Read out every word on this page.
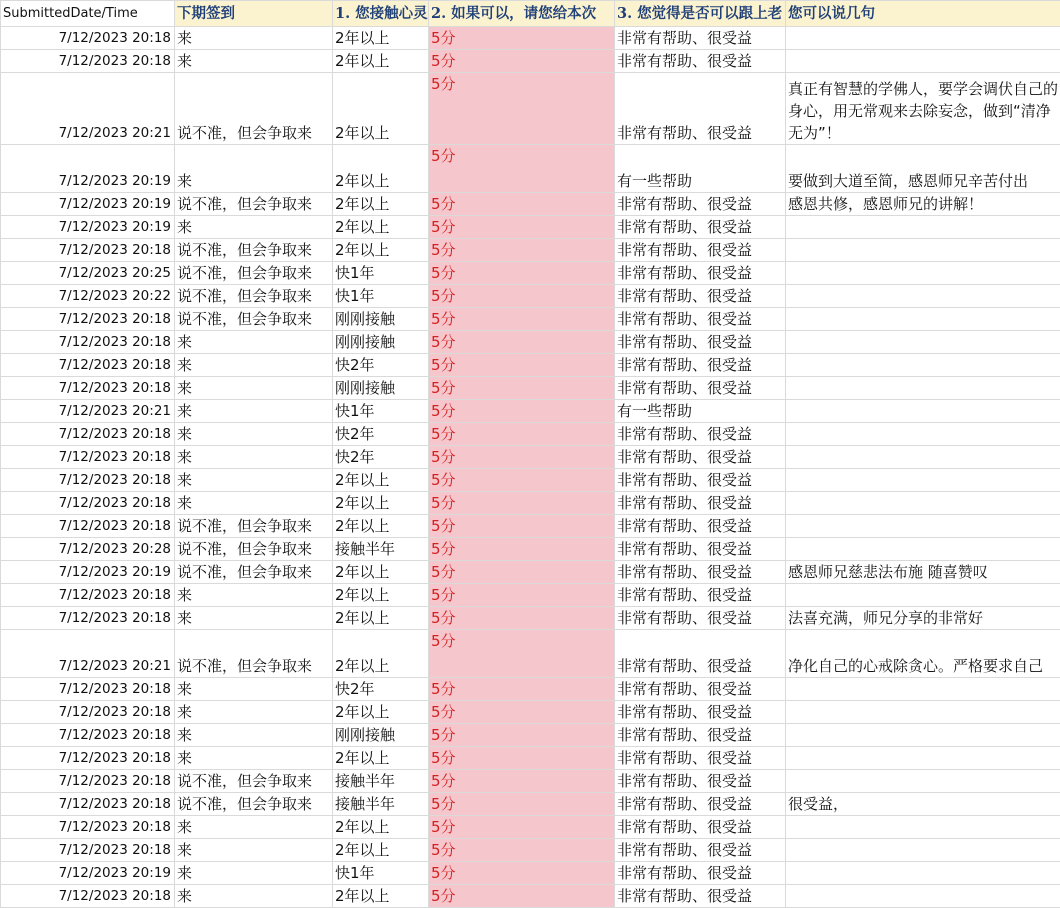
SubmittedDate/Time	下期签到	1. 您接触心灵	2. 如果可以，请您给本次	3. 您觉得是否可以跟上老	您可以说几句
7/12/2023 20:18	来	2年以上	5分	非常有帮助、很受益	
7/12/2023 20:18	来	2年以上	5分	非常有帮助、很受益	
7/12/2023 20:21	说不准，但会争取来	2年以上	5分	非常有帮助、很受益	真正有智慧的学佛人，要学会调伏自己的身心，用无常观来去除妄念，做到“清净无为”！
7/12/2023 20:19	来	2年以上	5分	有一些帮助	要做到大道至简，感恩师兄辛苦付出
7/12/2023 20:19	说不准，但会争取来	2年以上	5分	非常有帮助、很受益	感恩共修，感恩师兄的讲解！
7/12/2023 20:19	来	2年以上	5分	非常有帮助、很受益	
7/12/2023 20:18	说不准，但会争取来	2年以上	5分	非常有帮助、很受益	
7/12/2023 20:25	说不准，但会争取来	快1年	5分	非常有帮助、很受益	
7/12/2023 20:22	说不准，但会争取来	快1年	5分	非常有帮助、很受益	
7/12/2023 20:18	说不准，但会争取来	刚刚接触	5分	非常有帮助、很受益	
7/12/2023 20:18	来	刚刚接触	5分	非常有帮助、很受益	
7/12/2023 20:18	来	快2年	5分	非常有帮助、很受益	
7/12/2023 20:18	来	刚刚接触	5分	非常有帮助、很受益	
7/12/2023 20:21	来	快1年	5分	有一些帮助	
7/12/2023 20:18	来	快2年	5分	非常有帮助、很受益	
7/12/2023 20:18	来	快2年	5分	非常有帮助、很受益	
7/12/2023 20:18	来	2年以上	5分	非常有帮助、很受益	
7/12/2023 20:18	来	2年以上	5分	非常有帮助、很受益	
7/12/2023 20:18	说不准，但会争取来	2年以上	5分	非常有帮助、很受益	
7/12/2023 20:28	说不准，但会争取来	接触半年	5分	非常有帮助、很受益	
7/12/2023 20:19	说不准，但会争取来	2年以上	5分	非常有帮助、很受益	感恩师兄慈悲法布施 随喜赞叹
7/12/2023 20:18	来	2年以上	5分	非常有帮助、很受益	
7/12/2023 20:18	来	2年以上	5分	非常有帮助、很受益	法喜充满，师兄分享的非常好
7/12/2023 20:21	说不准，但会争取来	2年以上	5分	非常有帮助、很受益	净化自己的心戒除贪心。严格要求自己
7/12/2023 20:18	来	快2年	5分	非常有帮助、很受益	
7/12/2023 20:18	来	2年以上	5分	非常有帮助、很受益	
7/12/2023 20:18	来	刚刚接触	5分	非常有帮助、很受益	
7/12/2023 20:18	来	2年以上	5分	非常有帮助、很受益	
7/12/2023 20:18	说不准，但会争取来	接触半年	5分	非常有帮助、很受益	
7/12/2023 20:18	说不准，但会争取来	接触半年	5分	非常有帮助、很受益	很受益，
7/12/2023 20:18	来	2年以上	5分	非常有帮助、很受益	
7/12/2023 20:18	来	2年以上	5分	非常有帮助、很受益	
7/12/2023 20:19	来	快1年	5分	非常有帮助、很受益	
7/12/2023 20:18	来	2年以上	5分	非常有帮助、很受益	
